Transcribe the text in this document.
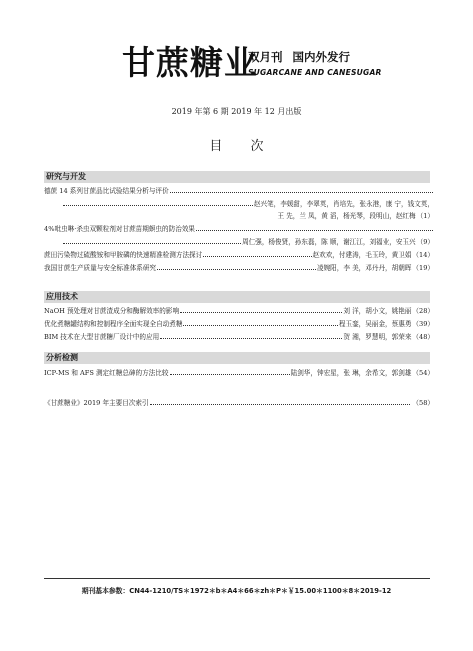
甘蔗糖业
双月刊 国内外发行
SUGARCANE AND CANESUGAR
2019 年第 6 期 2019 年 12 月出版
目 次
研究与开发
德蔗 14 系列甘蔗品比试验结果分析与评价
赵兴笔，李媛甜，李翠英，肖培先，张永港，康 宁，钱文英，
王 先，兰 凤，黄 滔，杨光琴，段明山，赵红梅 （1）
4%吡虫啉·杀虫双颗粒剂对甘蔗苗期螟虫的防治效果
周仁强，杨俊贤，孙东磊，陈 顺，谢江江，刘福业，安玉兴 （9）
蔗田污染物过硫酸铵和甲胺磷的快速精准检测方法探讨	赵欢欢，付建涛，毛玉玲，黄卫娟 （14）
我国甘蔗生产质量与安全标准体系研究	凌婉阳，李 美，邓丹丹，胡朝晖 （19）
应用技术
NaOH 预处理对甘蔗渣成分和酶解效率的影响	刘 洋，胡小文，姚艳丽 （28）
优化煮糖罐结构和控制程序全面实现全自动煮糖	程玉銮，吴丽金，蔡惠勇 （39）
BIM 技术在大型甘蔗糖厂设计中的应用	贺 湘，罗慧明，郭荣来 （48）
分析检测
ICP-MS 和 AFS 测定红糖总砷的方法比较	陆剑华，钟宏星，张 琳，余希文，郭剑雄 （54）
《甘蔗糖业》2019 年主要目次索引	（58）
期刊基本参数：CN44-1210/TS＊1972＊b＊A4＊66＊zh＊P＊￥15.00＊1100＊8＊2019-12
